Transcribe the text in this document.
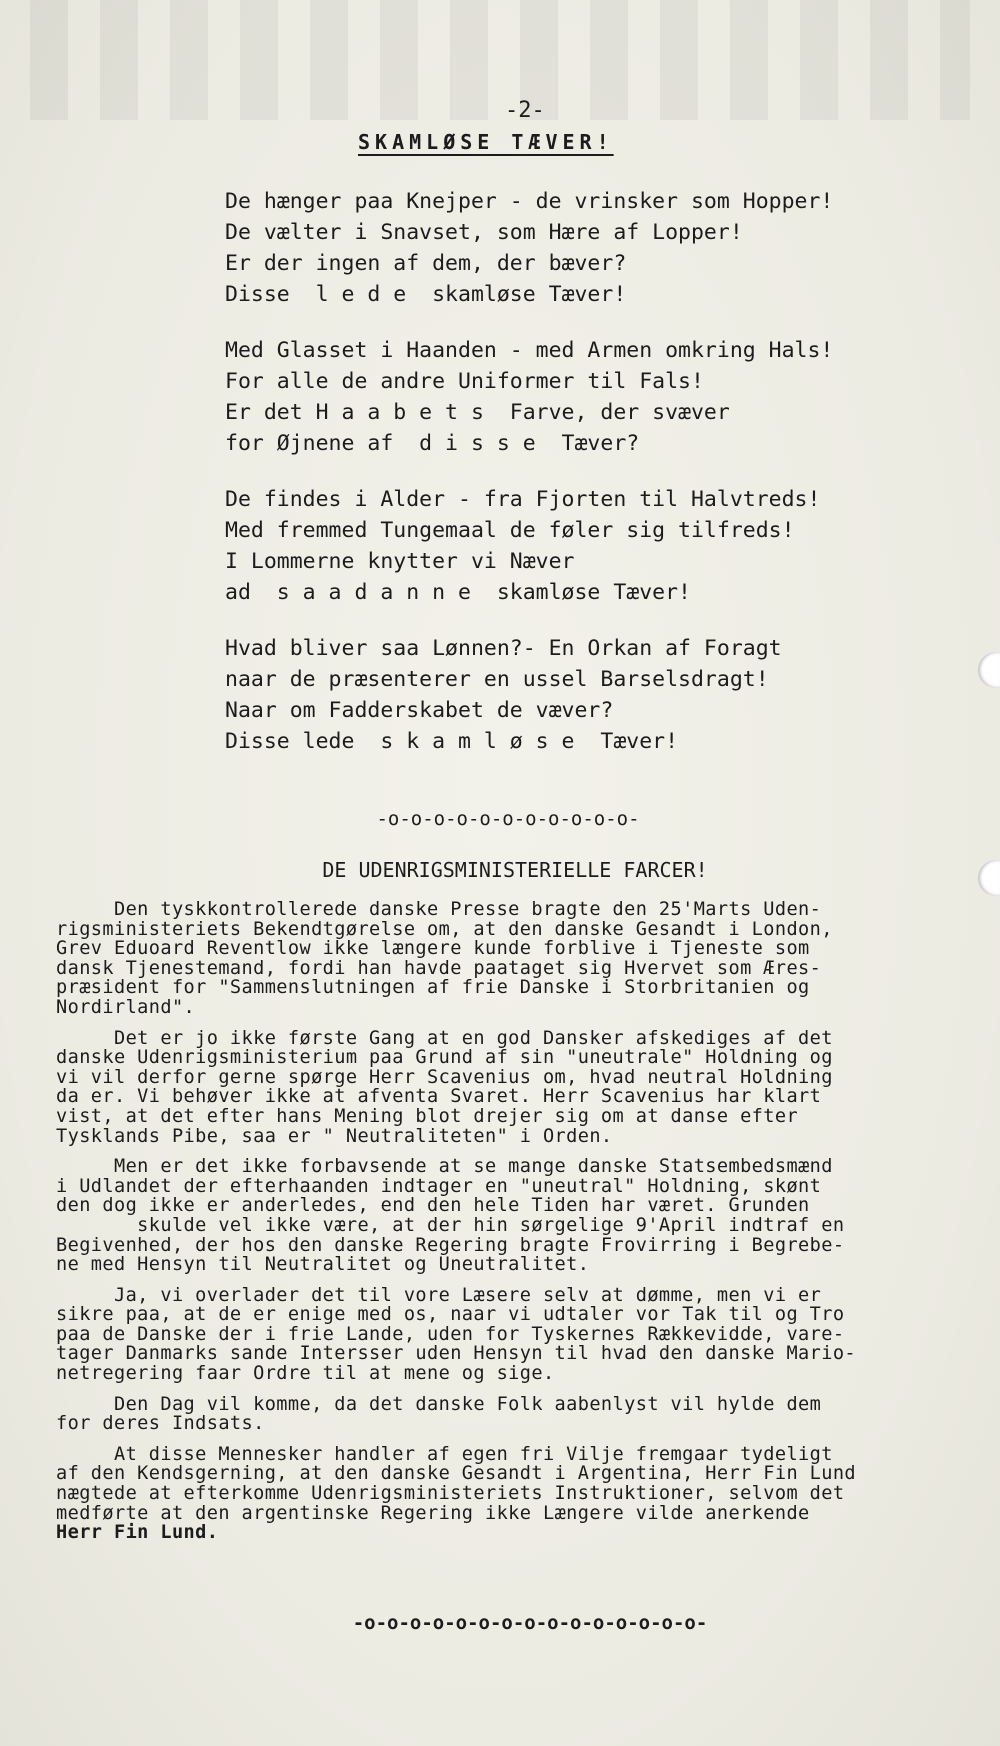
-2-
SKAMLØSE TÆVER!
De hænger paa Knejper - de vrinsker som Hopper!
De vælter i Snavset, som Hære af Lopper!
Er der ingen af dem, der bæver?
Disse  l e d e  skamløse Tæver!
Med Glasset i Haanden - med Armen omkring Hals!
For alle de andre Uniformer til Fals!
Er det H a a b e t s  Farve, der svæver
for Øjnene af  d i s s e  Tæver?
De findes i Alder - fra Fjorten til Halvtreds!
Med fremmed Tungemaal de føler sig tilfreds!
I Lommerne knytter vi Næver
ad  s a a d a n n e  skamløse Tæver!
Hvad bliver saa Lønnen?- En Orkan af Foragt
naar de præsenterer en ussel Barselsdragt!
Naar om Fadderskabet de væver?
Disse lede  s k a m l ø s e  Tæver!
-o-o-o-o-o-o-o-o-o-o-o-
DE UDENRIGSMINISTERIELLE FARCER!
Den tyskkontrollerede danske Presse bragte den 25'Marts Uden-
rigsministeriets Bekendtgørelse om, at den danske Gesandt i London,
Grev Eduoard Reventlow ikke længere kunde forblive i Tjeneste som
dansk Tjenestemand, fordi han havde paataget sig Hvervet som Æres-
præsident for "Sammenslutningen af frie Danske i Storbritanien og
Nordirland".
Det er jo ikke første Gang at en god Dansker afskediges af det
danske Udenrigsministerium paa Grund af sin "uneutrale" Holdning og
vi vil derfor gerne spørge Herr Scavenius om, hvad neutral Holdning
da er. Vi behøver ikke at afventa Svaret. Herr Scavenius har klart
vist, at det efter hans Mening blot drejer sig om at danse efter
Tysklands Pibe, saa er " Neutraliteten" i Orden.
Men er det ikke forbavsende at se mange danske Statsembedsmænd
i Udlandet der efterhaanden indtager en "uneutral" Holdning, skønt
den dog ikke er anderledes, end den hele Tiden har været. Grunden
skulde vel ikke være, at der hin sørgelige 9'April indtraf en
Begivenhed, der hos den danske Regering bragte Frovirring i Begrebe-
ne med Hensyn til Neutralitet og Uneutralitet.
Ja, vi overlader det til vore Læsere selv at dømme, men vi er
sikre paa, at de er enige med os, naar vi udtaler vor Tak til og Tro
paa de Danske der i frie Lande, uden for Tyskernes Rækkevidde, vare-
tager Danmarks sande Intersser uden Hensyn til hvad den danske Mario-
netregering faar Ordre til at mene og sige.
Den Dag vil komme, da det danske Folk aabenlyst vil hylde dem
for deres Indsats.
At disse Mennesker handler af egen fri Vilje fremgaar tydeligt
af den Kendsgerning, at den danske Gesandt i Argentina, Herr Fin Lund
nægtede at efterkomme Udenrigsministeriets Instruktioner, selvom det
medførte at den argentinske Regering ikke Længere vilde anerkende
Herr Fin Lund.
-o-o-o-o-o-o-o-o-o-o-o-o-o-o-o-
